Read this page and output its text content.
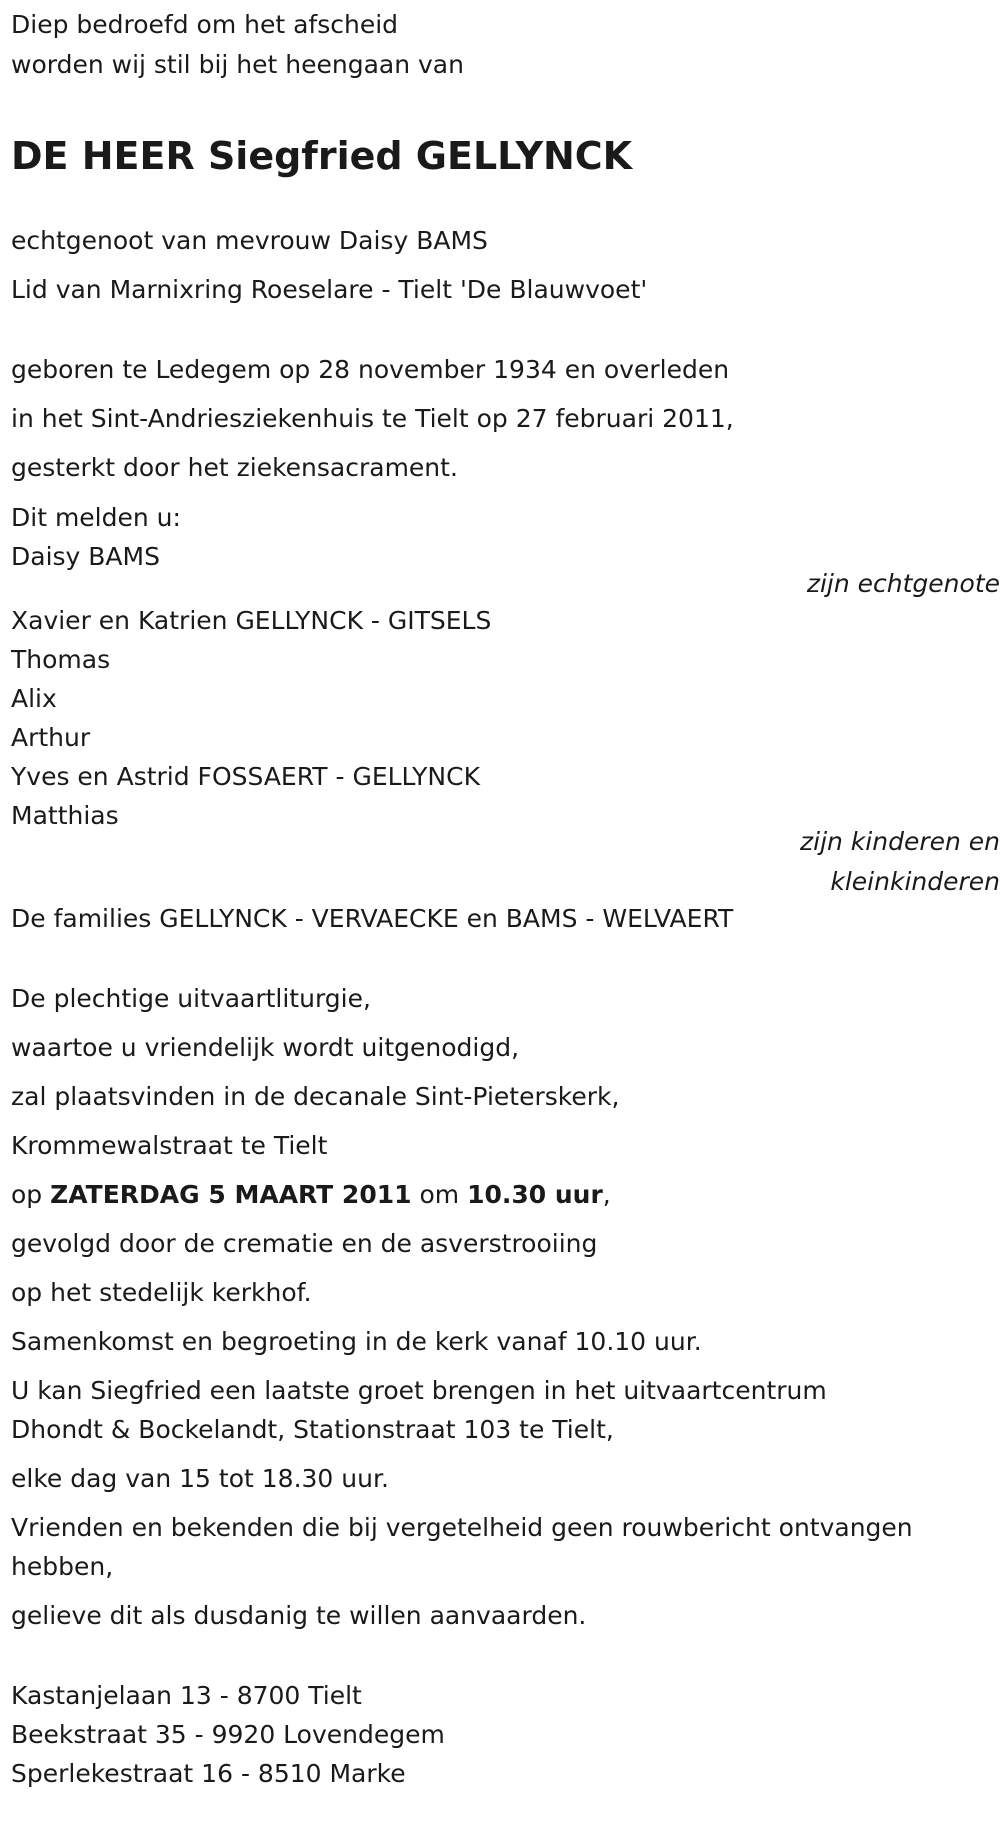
Diep bedroefd om het afscheid
worden wij stil bij het heengaan van
DE HEER Siegfried GELLYNCK
echtgenoot van mevrouw Daisy BAMS
Lid van Marnixring Roeselare - Tielt 'De Blauwvoet'
geboren te Ledegem op 28 november 1934 en overleden
in het Sint-Andriesziekenhuis te Tielt op 27 februari 2011,
gesterkt door het ziekensacrament.
Dit melden u:
Daisy BAMS
zijn echtgenote
Xavier en Katrien GELLYNCK - GITSELS
Thomas
Alix
Arthur
Yves en Astrid FOSSAERT - GELLYNCK
Matthias
zijn kinderen en
kleinkinderen
De families GELLYNCK - VERVAECKE en BAMS - WELVAERT
De plechtige uitvaartliturgie,
waartoe u vriendelijk wordt uitgenodigd,
zal plaatsvinden in de decanale Sint-Pieterskerk,
Krommewalstraat te Tielt
op ZATERDAG 5 MAART 2011 om 10.30 uur,
gevolgd door de crematie en de asverstrooiing
op het stedelijk kerkhof.
Samenkomst en begroeting in de kerk vanaf 10.10 uur.
U kan Siegfried een laatste groet brengen in het uitvaartcentrum
Dhondt & Bockelandt, Stationstraat 103 te Tielt,
elke dag van 15 tot 18.30 uur.
Vrienden en bekenden die bij vergetelheid geen rouwbericht ontvangen
hebben,
gelieve dit als dusdanig te willen aanvaarden.
Kastanjelaan 13 - 8700 Tielt
Beekstraat 35 - 9920 Lovendegem
Sperlekestraat 16 - 8510 Marke
